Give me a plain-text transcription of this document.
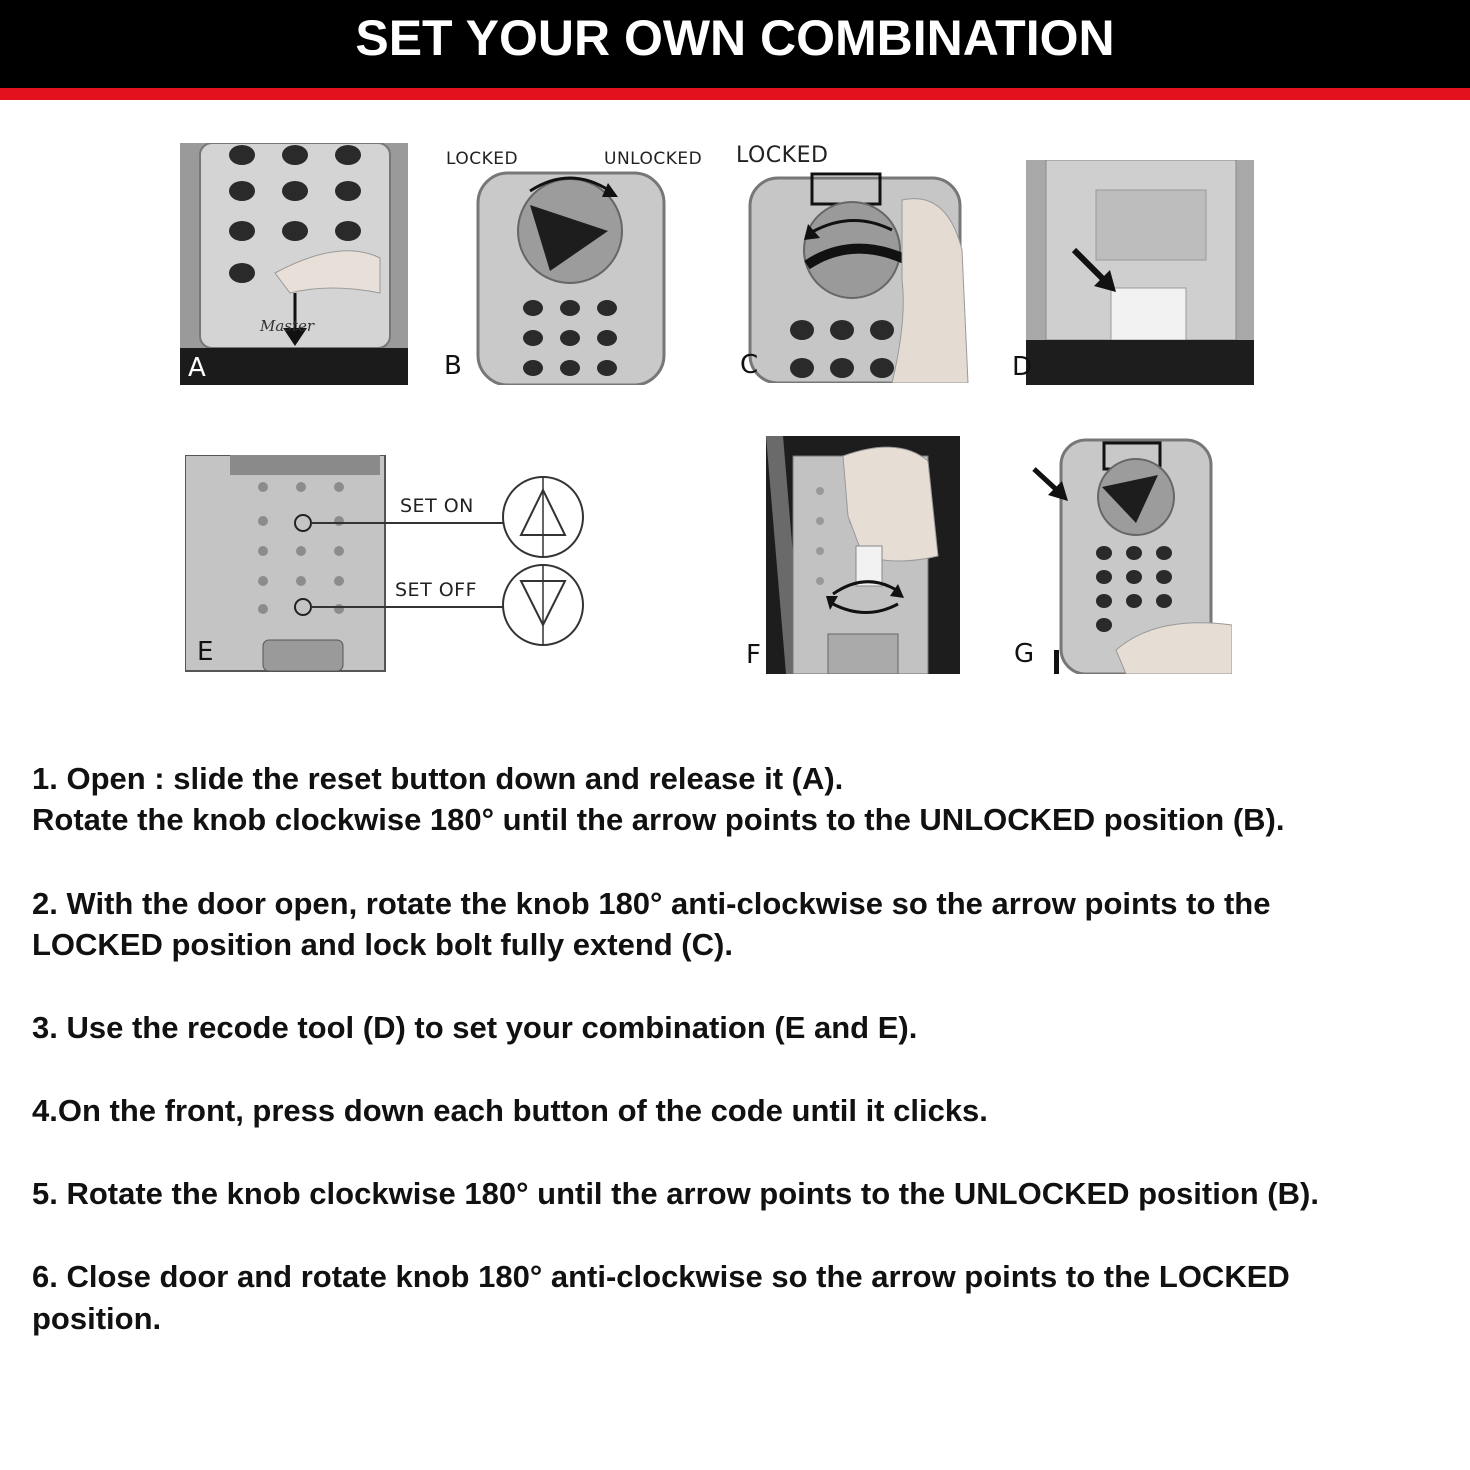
SET YOUR OWN COMBINATION
Master
A
LOCKED	UNLOCKED
B
LOCKED
C	D
SET ON
SET OFF
E	F	G
1. Open : slide the reset button down and release it (A).
Rotate the knob clockwise 180° until the arrow points to the UNLOCKED position (B).
2. With the door open, rotate the knob 180° anti-clockwise so the arrow points to the
LOCKED position and lock bolt fully extend (C).
3. Use the recode tool (D) to set your combination (E and E).
4.On the front, press down each button of the code until it clicks.
5. Rotate the knob clockwise 180° until the arrow points to the UNLOCKED position (B).
6. Close door and rotate knob 180° anti-clockwise so the arrow points to the LOCKED
position.
